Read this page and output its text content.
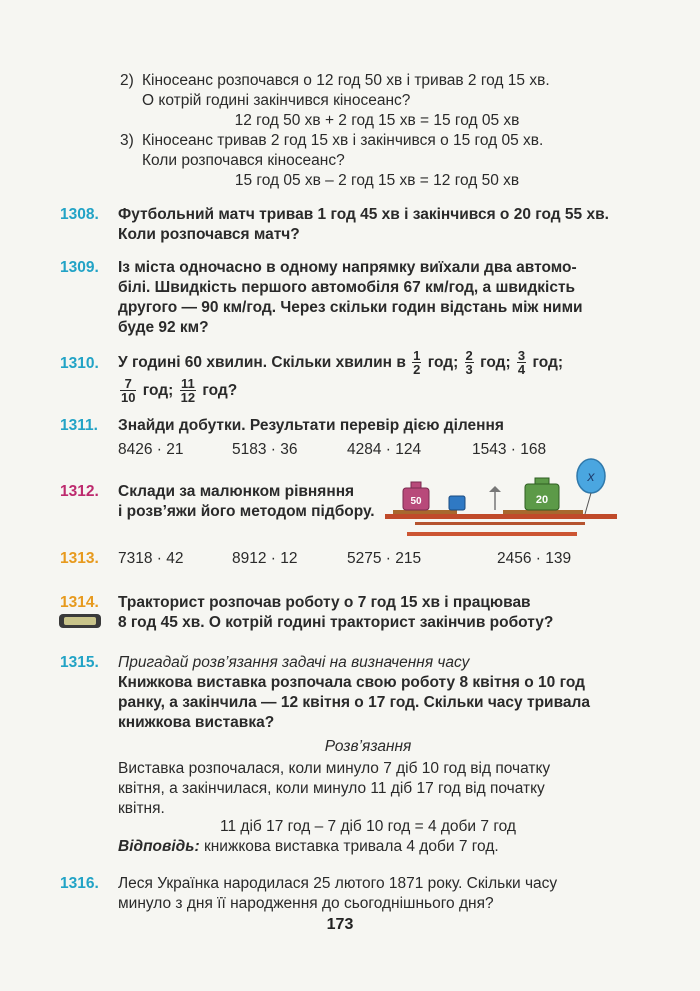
2) Кіносеанс розпочався о 12 год 50 хв і тривав 2 год 15 хв.
О котрій годині закінчився кіносеанс?
12 год 50 хв + 2 год 15 хв = 15 год 05 хв
3) Кіносеанс тривав 2 год 15 хв і закінчився о 15 год 05 хв.
Коли розпочався кіносеанс?
15 год 05 хв – 2 год 15 хв = 12 год 50 хв
1308. Футбольний матч тривав 1 год 45 хв і закінчився о 20 год 55 хв.
Коли розпочався матч?
1309. Із міста одночасно в одному напрямку виїхали два автомо-
білі. Швидкість першого автомобіля 67 км/год, а швидкість
другого — 90 км/год. Через скільки годин відстань між ними
буде 92 км?
1310. У годині 60 хвилин. Скільки хвилин в $\frac{1}{2}$ год; $\frac{2}{3}$ год; $\frac{3}{4}$ год;
$\frac{7}{10}$ год; $\frac{11}{12}$ год?
1311. Знайди добутки. Результати перевір дією ділення
8426 · 21	5183 · 36	4284 · 124	1543 · 168
1312. Склади за малюнком рівняння
і розв’яжи його методом підбору.
x
50	20
1313. 7318 · 42	8912 · 12	5275 · 215	2456 · 139
1314. Тракторист розпочав роботу о 7 год 15 хв і працював
8 год 45 хв. О котрій годині тракторист закінчив роботу?
1315. Пригадай розв’язання задачі на визначення часу
Книжкова виставка розпочала свою роботу 8 квітня о 10 год
ранку, а закінчила — 12 квітня о 17 год. Скільки часу тривала
книжкова виставка?
Розв’язання
Виставка розпочалася, коли минуло 7 діб 10 год від початку
квітня, а закінчилася, коли минуло 11 діб 17 год від початку
квітня.
11 діб 17 год – 7 діб 10 год = 4 доби 7 год
Відповідь: книжкова виставка тривала 4 доби 7 год.
1316. Леся Українка народилася 25 лютого 1871 року. Скільки часу
минуло з дня її народження до сьогоднішнього дня?
173
